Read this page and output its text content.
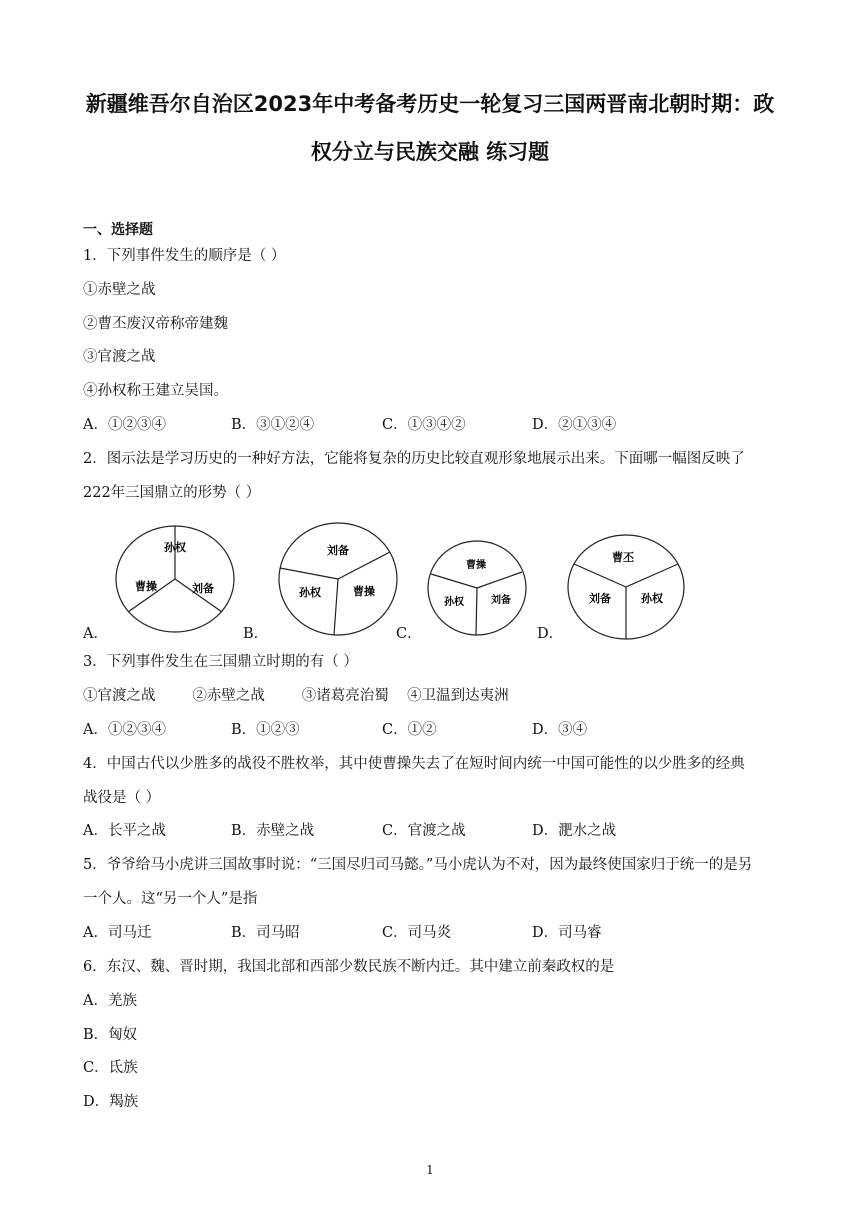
新疆维吾尔自治区2023年中考备考历史一轮复习三国两晋南北朝时期：政
权分立与民族交融 练习题
一、选择题
1．下列事件发生的顺序是（ ）
①赤壁之战
②曹丕废汉帝称帝建魏
③官渡之战
④孙权称王建立吴国。
A．①②③④	B．③①②④	C．①③④②	D．②①③④
2．图示法是学习历史的一种好方法，它能将复杂的历史比较直观形象地展示出来。下面哪一幅图反映了
222年三国鼎立的形势（ ）
孙权
曹操	刘备
A．
刘备
孙权	曹操
B．
曹操
孙权	刘备
C．
曹丕
刘备	孙权
D．
3．下列事件发生在三国鼎立时期的有（ ）
①官渡之战        ②赤壁之战        ③诸葛亮治蜀    ④卫温到达夷洲
A．①②③④	B．①②③	C．①②	D．③④
4．中国古代以少胜多的战役不胜枚举，其中使曹操失去了在短时间内统一中国可能性的以少胜多的经典
战役是（ ）
A．长平之战	B．赤壁之战	C．官渡之战	D．淝水之战
5．爷爷给马小虎讲三国故事时说：“三国尽归司马懿。”马小虎认为不对，因为最终使国家归于统一的是另
一个人。这“另一个人”是指
A．司马迁	B．司马昭	C．司马炎	D．司马睿
6．东汉、魏、晋时期，我国北部和西部少数民族不断内迁。其中建立前秦政权的是
A．羌族
B．匈奴
C．氐族
D．羯族
1
